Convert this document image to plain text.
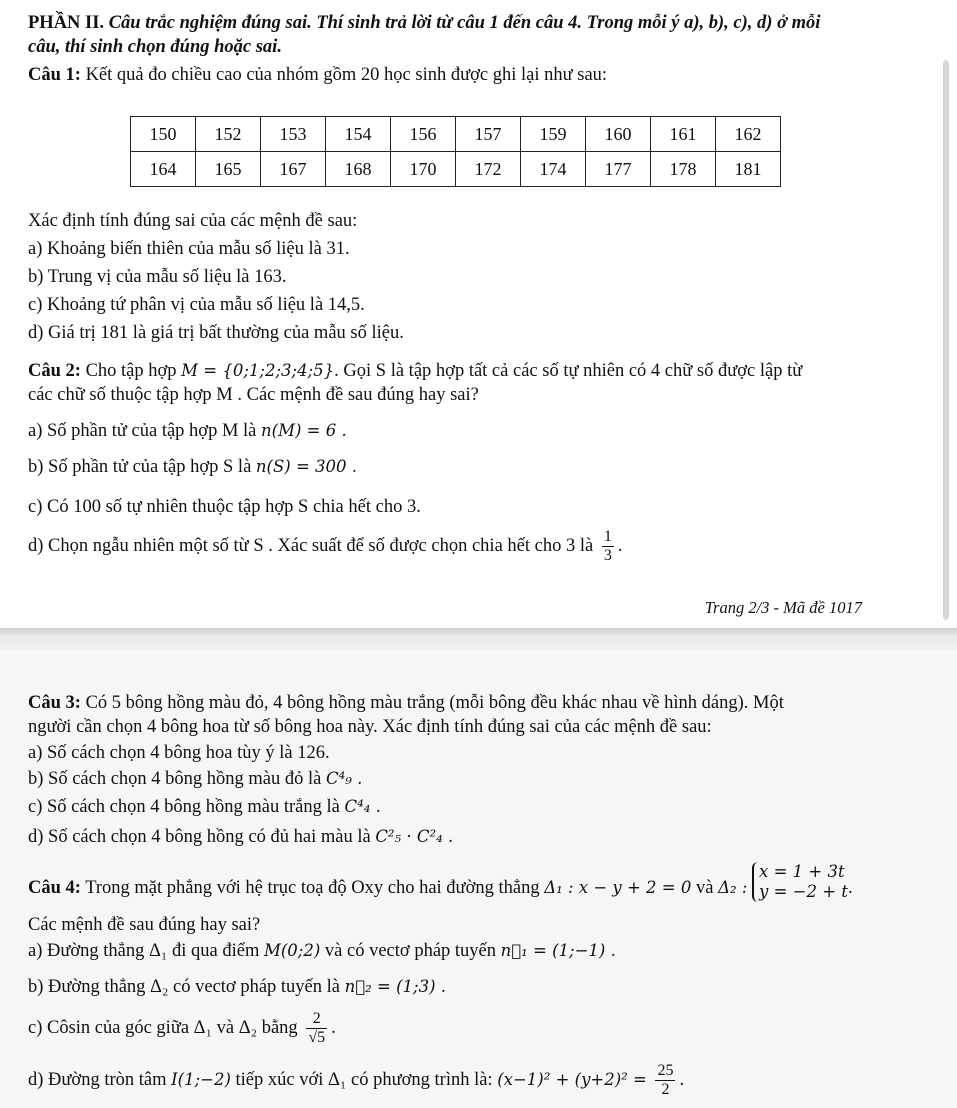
PHẦN II. Câu trắc nghiệm đúng sai. Thí sinh trả lời từ câu 1 đến câu 4. Trong mỗi ý a), b), c), d) ở mỗi
câu, thí sinh chọn đúng hoặc sai.
Câu 1: Kết quả đo chiều cao của nhóm gồm 20 học sinh được ghi lại như sau:
150	152	153	154	156	157	159	160	161	162
164	165	167	168	170	172	174	177	178	181
Xác định tính đúng sai của các mệnh đề sau:
a) Khoảng biến thiên của mẫu số liệu là 31.
b) Trung vị của mẫu số liệu là 163.
c) Khoảng tứ phân vị của mẫu số liệu là 14,5.
d) Giá trị 181 là giá trị bất thường của mẫu số liệu.
Câu 2: Cho tập hợp M = {0;1;2;3;4;5}. Gọi S là tập hợp tất cả các số tự nhiên có 4 chữ số được lập từ
các chữ số thuộc tập hợp M . Các mệnh đề sau đúng hay sai?
a) Số phần tử của tập hợp M là n(M) = 6 .
b) Số phần tử của tập hợp S là n(S) = 300 .
c) Có 100 số tự nhiên thuộc tập hợp S chia hết cho 3.
d) Chọn ngẫu nhiên một số từ S . Xác suất để số được chọn chia hết cho 3 là $\frac{1}{3}$ .
Trang 2/3 - Mã đề 1017
Câu 3: Có 5 bông hồng màu đỏ, 4 bông hồng màu trắng (mỗi bông đều khác nhau về hình dáng). Một
người cần chọn 4 bông hoa từ số bông hoa này. Xác định tính đúng sai của các mệnh đề sau:
a) Số cách chọn 4 bông hoa tùy ý là 126.
b) Số cách chọn 4 bông hồng màu đỏ là C⁴₉ .
c) Số cách chọn 4 bông hồng màu trắng là C⁴₄ .
d) Số cách chọn 4 bông hồng có đủ hai màu là C²₅ · C²₄ .
Câu 4: Trong mặt phẳng với hệ trục toạ độ Oxy cho hai đường thẳng Δ₁ : x − y + 2 = 0 và Δ₂ :
x = 1 + 3t
y = −2 + t .
Các mệnh đề sau đúng hay sai?
a) Đường thẳng Δ₁ đi qua điểm M(0;2) và có vectơ pháp tuyến n⃗₁ = (1;−1) .
b) Đường thẳng Δ₂ có vectơ pháp tuyến là n⃗₂ = (1;3) .
c) Côsin của góc giữa Δ₁ và Δ₂ bằng $\frac{2}{√5}$ .
d) Đường tròn tâm I(1;−2) tiếp xúc với Δ₁ có phương trình là: $(x-1)^2 + (y+2)^2 = \frac{25}{2}$ .
